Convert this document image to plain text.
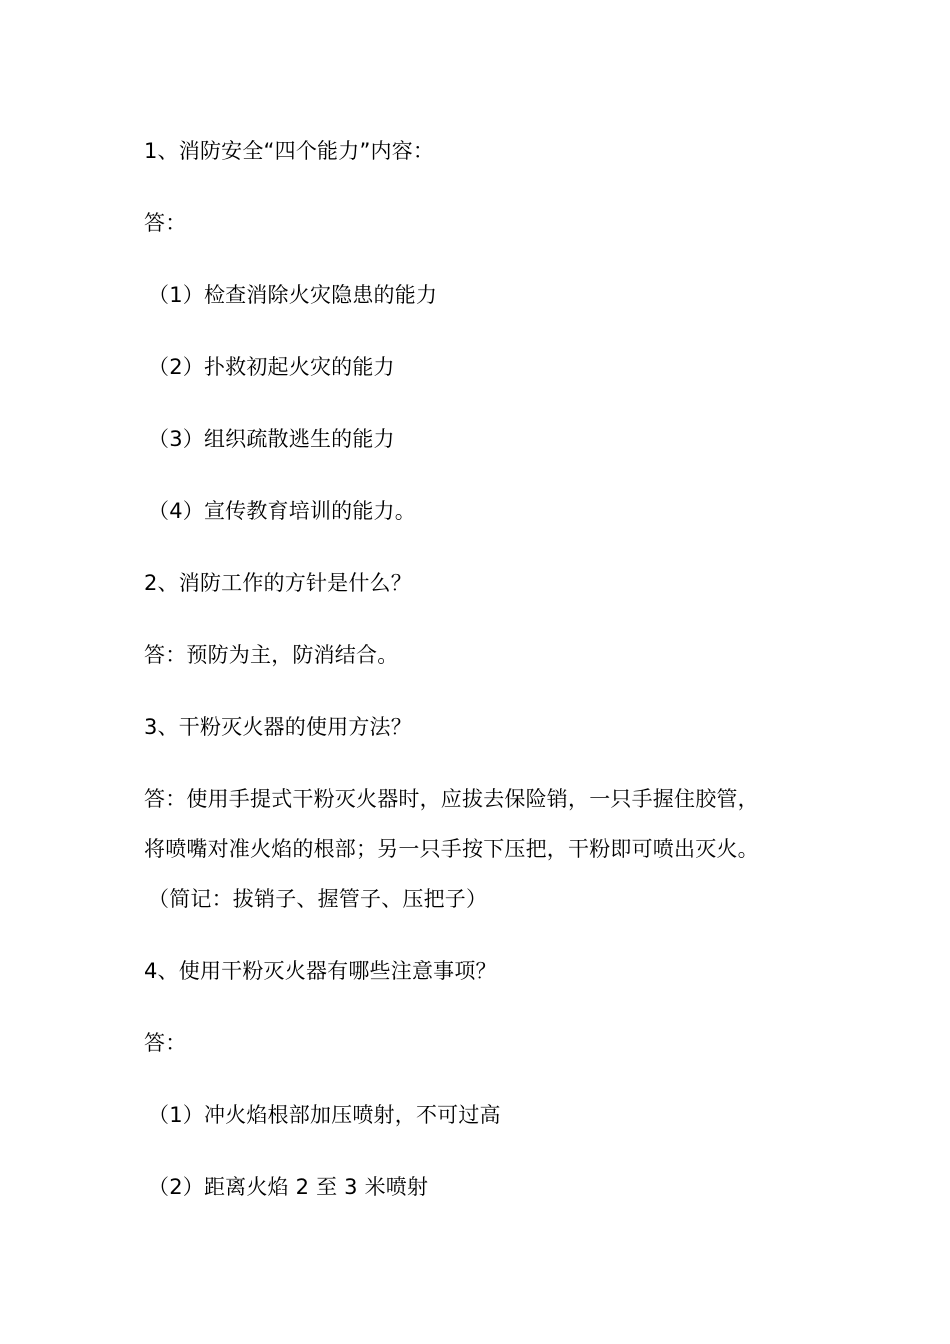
1、消防安全“四个能力”内容：
答：
（1）检查消除火灾隐患的能力
（2）扑救初起火灾的能力
（3）组织疏散逃生的能力
（4）宣传教育培训的能力。
2、消防工作的方针是什么？
答：预防为主，防消结合。
3、干粉灭火器的使用方法？
答：使用手提式干粉灭火器时，应拔去保险销，一只手握住胶管，
将喷嘴对准火焰的根部；另一只手按下压把，干粉即可喷出灭火。
（简记：拔销子、握管子、压把子）
4、使用干粉灭火器有哪些注意事项？
答：
（1）冲火焰根部加压喷射，不可过高
（2）距离火焰 2 至 3 米喷射
